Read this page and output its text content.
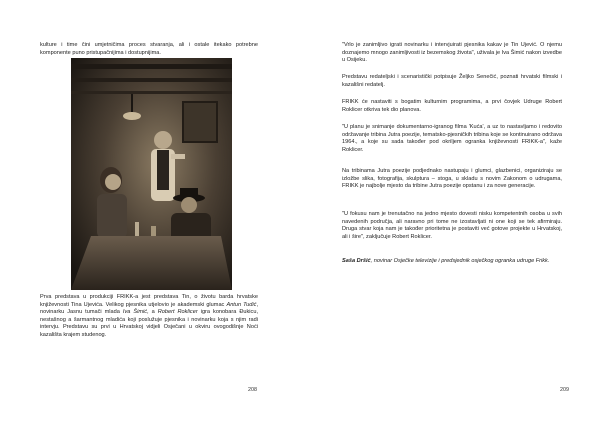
kulture i time čini umjetničima proces stvaranja, ali i ostale itekako potrebne komponente puno pristupačnijima i dostupnijima.

Prva predstava u produkciji FRIKK-a jest predstava Tin, o životu barda hrvatske književnosti Tina Ujevića. Velikog pjesnika utjelovio je akademski glumac Antun Tudić, novinarku Jasnu tumači mlada Iva Šimić, a Robert Roklicer igra konobara Đukicu, nestašnog a šarmantnog mladića koji poslužuje pjesnika i novinarku koja s njim radi intervju. Predstavu su prvi u Hrvatskoj vidjeli Osječani u okviru ovogodišnje Noći kazališta krajem studenog.

208

"Vrlo je zanimljivo igrati novinarku i intervjuirati pjesnika kakav je Tin Ujević. O njemu doznajemo mnogo zanimljivosti iz bezemskog života", uživala je Iva Šimić nakon izvedbe u Osijeku.

Predstavu redateljski i scenaristički potpisuje Željko Senečić, poznati hrvatski filmski i kazališni redatelj.

FRIKK će nastaviti s bogatim kulturnim programima, a prvi čovjek Udruge Robert Roklicer otkriva tek dio planova.

"U planu je snimanje dokumentarno-igranog filma 'Kuća', a uz to nastavljamo i redovito održavanje tribina Jutra poezije, tematsko-pjesničkih tribina koje se kontinuirano održava 1964., a koje su sada također pod okriljem ogranka književnosti FRIKK-a", kaže Roklicer.

Na tribinama Jutra poezije podjednako nastupaju i glumci, glazbenici, organiziraju se izložbe slika, fotografija, skulptura – stoga, u skladu s novim Zakonom o udrugama, FRIKK je najbolje mjesto da tribine Jutra poezije opstanu i za nove generacije.

"U fokusu nam je trenutačno na jedno mjesto dovesti nisku kompetentnih osoba u svih navedenih područja, ali naravno pri tome ne izostavljati ni one koji se tek afirmiraju. Druga stvar koja nam je također prioritetna je postaviti već gotove projekte u Hrvatskoj, ali i šire", zaključuje Robert Roklicer.

Saša Dršić, novinar Osječke televizije i predsjednik osječkog ogranka udruge Frikk.

209
